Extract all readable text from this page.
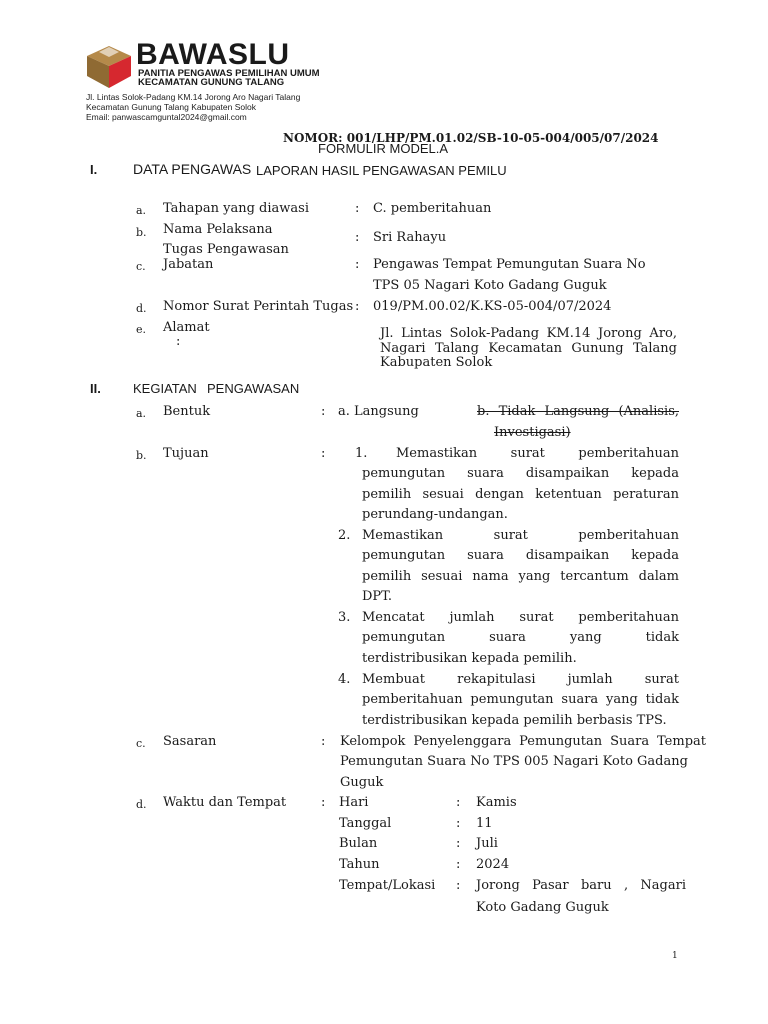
BAWASLU
PANITIA PENGAWAS PEMILIHAN UMUM
KECAMATAN GUNUNG TALANG
Jl. Lintas Solok-Padang KM.14 Jorong Aro Nagari Talang
Kecamatan Gunung Talang Kabupaten Solok
Email: panwascamguntal2024@gmail.com
NOMOR: 001/LHP/PM.01.02/SB-10-05-004/005/07/2024
FORMULIR MODEL.A
I.	DATA PENGAWAS LAPORAN HASIL PENGAWASAN PEMILU
a. Tahapan yang diawasi	: C. pemberitahuan
b. Nama Pelaksana
Tugas Pengawasan
: Sri Rahayu
c. Jabatan	: Pengawas Tempat Pemungutan Suara No
TPS 05 Nagari Koto Gadang Guguk
d. Nomor Surat Perintah Tugas : 019/PM.00.02/K.KS-05-004/07/2024
e. Alamat
:
Jl. Lintas Solok-Padang KM.14 Jorong Aro,
Nagari Talang Kecamatan Gunung Talang
Kabupaten Solok
II. KEGIATAN PENGAWASAN
a. Bentuk	: a. Langsung	b. Tidak Langsung (Analisis,
Investigasi)
b. Tujuan	: 1. Memastikan surat pemberitahuan
pemungutan suara disampaikan kepada
pemilih sesuai dengan ketentuan peraturan
perundang-undangan.
2. Memastikan surat pemberitahuan
pemungutan suara disampaikan kepada
pemilih sesuai nama yang tercantum dalam
DPT.
3. Mencatat jumlah surat pemberitahuan
pemungutan suara yang tidak
terdistribusikan kepada pemilih.
4. Membuat rekapitulasi jumlah surat
pemberitahuan pemungutan suara yang tidak
terdistribusikan kepada pemilih berbasis TPS.
c. Sasaran	: Kelompok Penyelenggara Pemungutan Suara Tempat
Pemungutan Suara No TPS 005 Nagari Koto Gadang
Guguk
d. Waktu dan Tempat	: Hari	: Kamis
Tanggal	: 11
Bulan	: Juli
Tahun	: 2024
Tempat/Lokasi : Jorong Pasar baru , Nagari
Koto Gadang Guguk
1
